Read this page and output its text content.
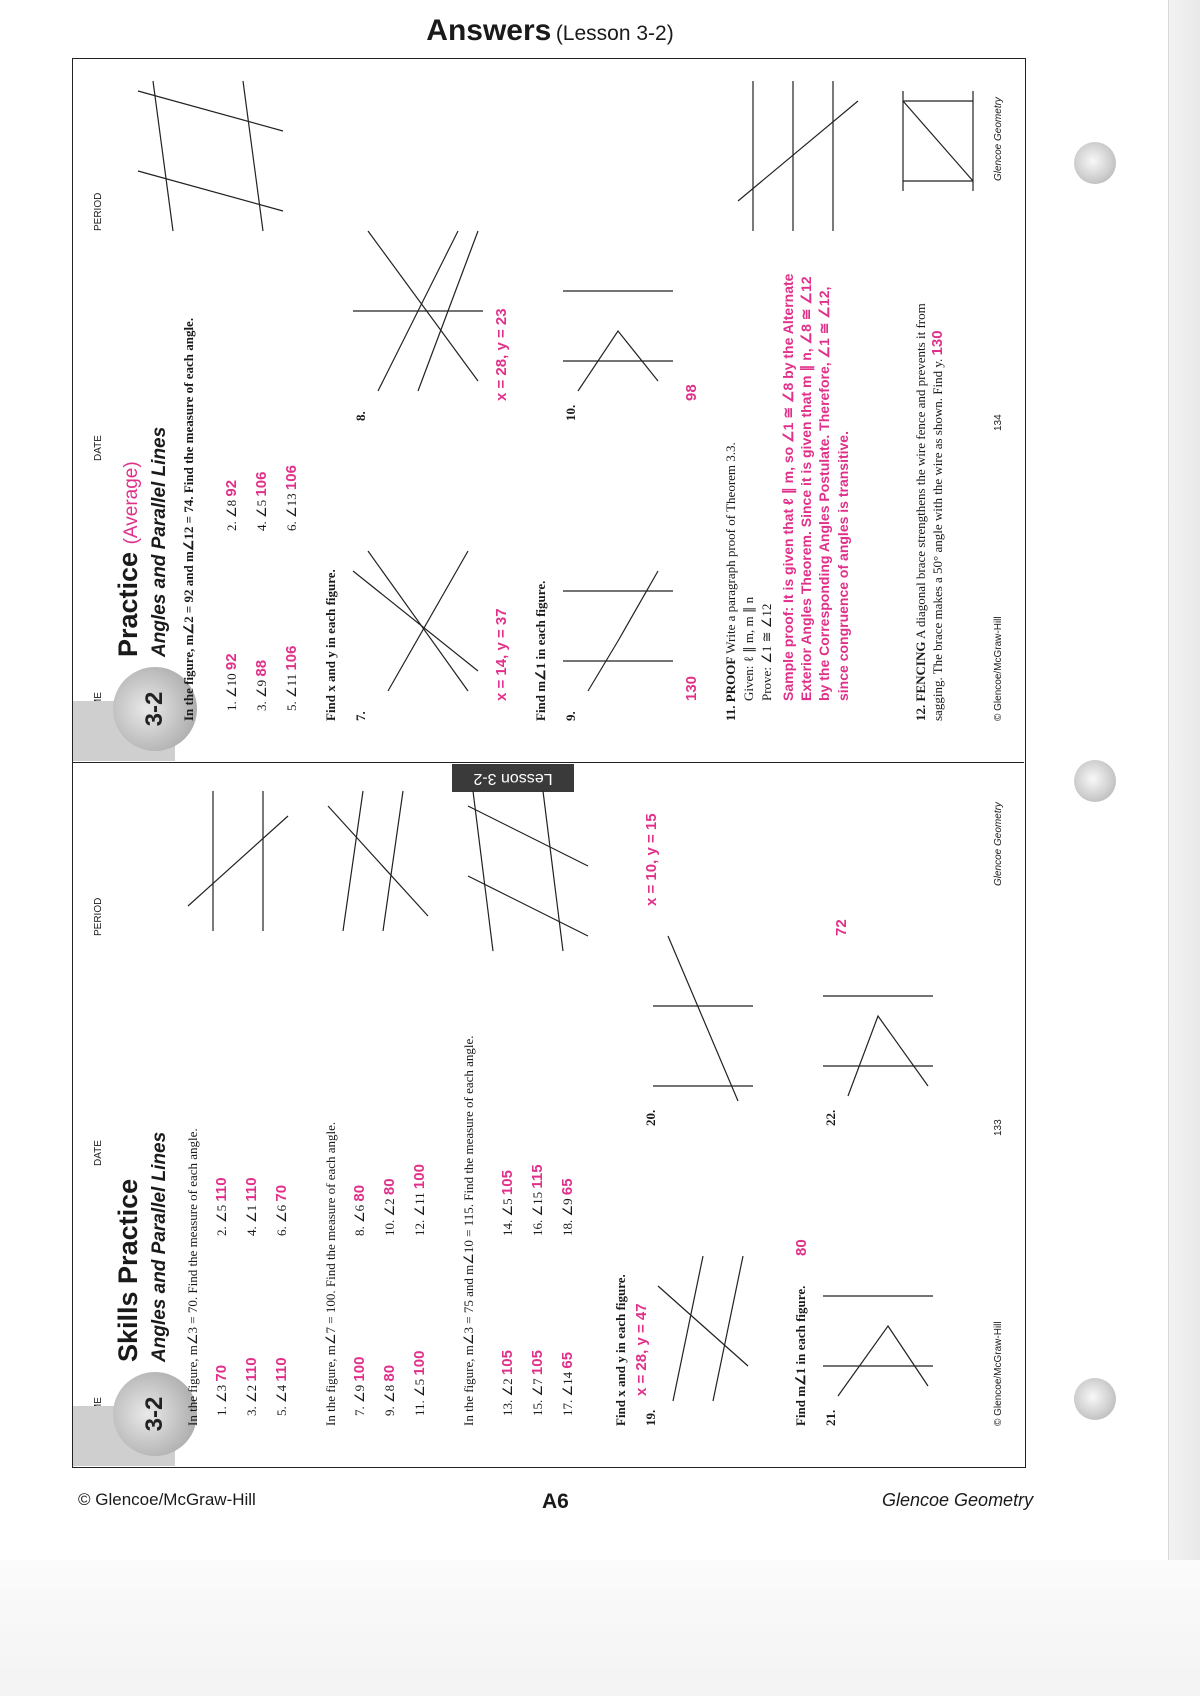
Answers (Lesson 3-2)
DATE
PERIOD
3-2
Practice (Average) Angles and Parallel Lines In the figure, m∠2 = 92 and m∠12 = 74. Find the measure of each angle. 1. ∠10 92
2. ∠8 92
3. ∠9 88
4. ∠5 106
5. ∠11 106
6. ∠13 106
Find x and y in each figure. 7.
x = 14, y = 37
8.
x = 28, y = 23
Find m∠1 in each figure. 9.
130
10.
98
11. PROOF Write a paragraph proof of Theorem 3.3. Given: ℓ ∥ m, m ∥ n Prove: ∠1 ≅ ∠12 Sample proof: It is given that ℓ ∥ m, so ∠1 ≅ ∠8 by the Alternate Exterior Angles Theorem. Since it is given that m ∥ n, ∠8 ≅ ∠12 by the Corresponding Angles Postulate. Therefore, ∠1 ≅ ∠12, since congruence of angles is transitive.	12. FENCING A diagonal brace strengthens the wire fence and prevents it from sagging. The brace makes a 50° angle with the wire as shown. Find y. 130
© Glencoe/McGraw-Hill
134
Glencoe Geometry
Lesson 3-2
DATE
PERIOD
3-2
Skills Practice Angles and Parallel Lines In the figure, m∠3 = 70. Find the measure of each angle. 1. ∠3 70
2. ∠5 110
3. ∠2 110
4. ∠1 110
5. ∠4 110
6. ∠6 70	In the figure, m∠7 = 100. Find the measure of each angle. 7. ∠9 100
8. ∠6 80
9. ∠8 80
10. ∠2 80
11. ∠5 100
12. ∠11 100	In the figure, m∠3 = 75 and m∠10 = 115. Find the measure of each angle. 13. ∠2 105
14. ∠5 105
15. ∠7 105
16. ∠15 115
17. ∠14 65
18. ∠9 65
Find x and y in each figure. 19.
x = 28, y = 47
20.
x = 10, y = 15
Find m∠1 in each figure.
80
21.
22.
72
© Glencoe/McGraw-Hill
133
Glencoe Geometry
© Glencoe/McGraw-Hill	A6	Glencoe Geometry
